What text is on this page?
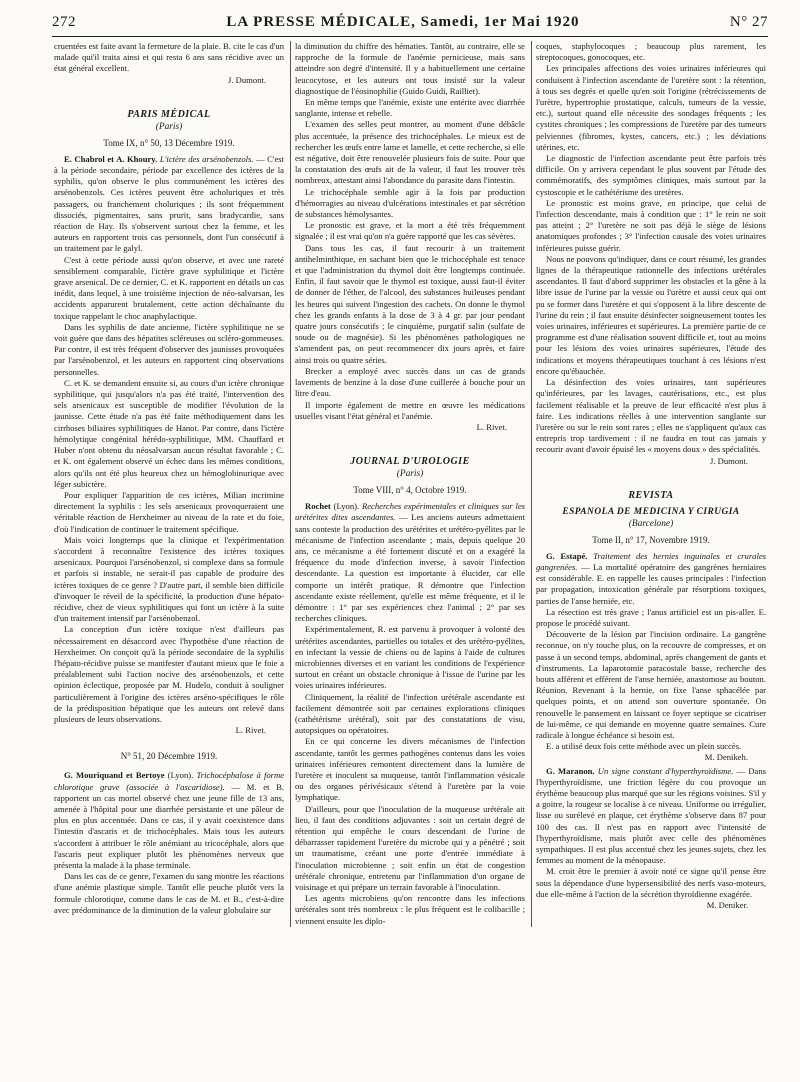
272	LA PRESSE MÉDICALE, Samedi, 1er Mai 1920	N° 27

cruentées est faite avant la fermeture de la plaie. B. cite le cas d'un malade qui'il traita ainsi et qui resta 6 ans sans récidive avec un état général excellent.

J. Dumont.
PARIS MÉDICAL
(Paris)
Tome IX, n° 50, 13 Décembre 1919.

E. Chabrol et A. Khoury. L'ictère des arsénobenzols. — C'est à la période secondaire, période par excellence des ictères de la syphilis, qu'on observe le plus communément les ictères des arsénobenzols. Ces ictères peuvent être acholuriques et très passagers, ou franchement choluriques ; ils sont fréquemment dissociés, pigmentaires, sans prurit, sans bradycardie, sans réaction de Hay. Ils s'observent surtout chez la femme, et les auteurs en rapportent trois cas personnels, dont l'un consécutif à un traitement par le galyl.

C'est à cette période aussi qu'on observe, et avec une rareté sensiblement comparable, l'ictère grave syphilitique et l'ictère grave arsenical. De ce dernier, C. et K. rapportent en détails un cas inédit, dans lequel, à une troisième injection de néo-salvarsan, les accidents apparurent brutalement, cette action déchaînante du toxique rappelant le choc anaphylactique.

Dans les syphilis de date ancienne, l'ictère syphilitique ne se voit guère que dans des hépatites scléreuses ou scléro-gommeuses. Par contre, il est très fréquent d'observer des jaunisses provoquées par l'arsénobenzol, et les auteurs en rapportent cinq observations personnelles.

C. et K. se demandent ensuite si, au cours d'un ictère chronique syphilitique, qui jusqu'alors n'a pas été traité, l'intervention des sels arsenicaux est susceptible de modifier l'évolution de la jaunisse. Cette étude n'a pas été faite méthodiquement dans les cirrhoses biliaires syphilitiques de Hanot. Par contre, dans l'ictère hémolytique congénital hérédo-syphilitique, MM. Chauffard et Huber n'ont obtenu du néosalvarsan aucun résultat favorable ; C. et K. ont également observé un échec dans les mêmes conditions, alors qu'ils ont été plus heureux chez un hémoglobinurique avec léger subictère.

Pour expliquer l'apparition de ces ictères, Milian incrimine directement la syphilis : les sels arsenicaux provoqueraient une véritable réaction de Herxheimer au niveau de la rate et du foie, d'où l'indication de continuer le traitement spécifique.

Mais voici longtemps que la clinique et l'expérimentation s'accordent à reconnaître l'existence des ictères toxiques arsenicaux. Pourquoi l'arsénobenzol, si complexe dans sa formule et parfois si instable, ne serait-il pas capable de produire des ictères toxiques de ce genre ? D'autre part, il semble bien difficile d'invoquer le réveil de la spécificité, la production d'une hépato-récidive, chez de vieux syphilitiques qui font un ictère à la suite d'un traitement intensif par l'arsénobenzol.

La conception d'un ictère toxique n'est d'ailleurs pas nécessairement en désaccord avec l'hypothèse d'une réaction de Herxheimer. On conçoit qu'à la période secondaire de la syphilis l'hépato-récidive puisse se manifester d'autant mieux que le foie a préalablement subi l'action nocive des arsénobenzols, et cette opinion éclectique, proposée par M. Hudelo, conduit à souligner particulièrement à l'origine des ictères arséno-spécifiques le rôle de la prédisposition hépatique que les auteurs ont relevé dans plusieurs de leurs observations.

L. Rivet.
N° 51, 20 Décembre 1919.

G. Mouriquand et Bertoye (Lyon). Trichocéphalose à forme chlorotique grave (associée à l'ascaridiose). — M. et B. rapportent un cas mortel observé chez une jeune fille de 13 ans, amenée à l'hôpital pour une diarrhée persistante et une pâleur de plus en plus accentuée. Dans ce cas, il y avait coexistence dans l'intestin d'ascaris et de trichocéphales. Mais tous les auteurs s'accordent à attribuer le rôle anémiant au tricocéphale, alors que l'ascaris peut expliquer plutôt les phénomènes nerveux que présenta la malade à la phase terminale.

Dans les cas de ce genre, l'examen du sang montre les réactions d'une anémie plastique simple. Tantôt elle peuche plutôt vers la formule chlorotique, comme dans le cas de M. et B., c'est-à-dire avec prédominance de la diminution de la valeur globulaire sur

la diminution du chiffre des hématies. Tantôt, au contraire, elle se rapproche de la formule de l'anémie pernicieuse, mais sans atteindre son degré d'intensité. Il y a habituellement une certaine leucocytose, et les auteurs ont tous insisté sur la valeur diagnostique de l'éosinophilie (Guido Guidi, Railliet).

En même temps que l'anémie, existe une entérite avec diarrhée sanglante, intense et rebelle.

L'examen des selles peut montrer, au moment d'une débâcle plus accentuée, la présence des trichocéphales. Le mieux est de rechercher les œufs entre lame et lamelle, et cette recherche, si elle est négative, doit être renouvelée plusieurs fois de suite. Pour que la constatation des œufs ait de la valeur, il faut les trouver très nombreux, attestant ainsi l'abondance du parasite dans l'intestin.

Le trichocéphale semble agir à la fois par production d'hémorragies au niveau d'ulcérations intestinales et par sécrétion de substances hémolysantes.

Le pronostic est grave, et la mort a été très fréquemment signalée ; il est vrai qu'on n'a guère rapporté que les cas sévères.

Dans tous les cas, il faut recourir à un traitement antihelminthique, en sachant bien que le trichocéphale est tenace et que l'administration du thymol doit être longtemps continuée. Enfin, il faut savoir que le thymol est toxique, aussi faut-il éviter de donner de l'éther, de l'alcool, des substances huileuses pendant les heures qui suivent l'ingestion des cachets. On donne le thymol chez les grands enfants à la dose de 3 à 4 gr. par jour pendant quatre jours consécutifs ; le cinquième, purgatif salin (sulfate de soude ou de magnésie). Si les phénomènes pathologiques ne s'amendent pas, on peut recommencer dix jours après, et faire ainsi trois ou quatre séries.

Brecker a employé avec succès dans un cas de grands lavements de benzine à la dose d'une cuillerée à bouche pour un litre d'eau.

Il importe également de mettre en œuvre les médications usuelles visant l'état général et l'anémie.

L. Rivet.
JOURNAL D'UROLOGIE
(Paris)
Tome VIII, n° 4, Octobre 1919.

Rochet (Lyon). Recherches expérimentales et cliniques sur les urétérites dites ascendantes. — Les anciens auteurs admettaient sans conteste la production des urétérites et urétéro-pyélites par le mécanisme de l'infection ascendante ; mais, depuis quelque 20 ans, ce mécanisme a été fortement discuté et on a exagéré la fréquence du mode d'infection inverse, à savoir l'infection descendante. La question est importante à élucider, car elle comporte un intérêt pratique. R démontre que l'infection ascendante existe réellement, qu'elle est même fréquente, et il le démontre : 1° par ses expériences chez l'animal ; 2° par ses recherches cliniques.

Expérimentalement, R. est parvenu à provoquer à volonté des urétérites ascendantes, partielles ou totales et des urétéro-pyélites, en infectant la vessie de chiens ou de lapins à l'aide de cultures microbiennes diverses et en variant les conditions de l'expérience surtout en créant un obstacle chronique à l'issue de l'urine par les voies urinaires inférieures.

Cliniquement, la réalité de l'infection urétérale ascendante est facilement démontrée soit par certaines explorations cliniques (cathétérisme urétéral), soit par des constatations de visu, autopsiques ou opératoires.

En ce qui concerne les divers mécanismes de l'infection ascendante, tantôt les germes pathogènes contenus dans les voies urinaires inférieures remontent directement dans la lumière de l'uretère et inoculent sa muqueuse, tantôt l'inflammation vésicale ou des organes périvésicaux s'étend à l'uretère par la voie lymphatique.

D'ailleurs, pour que l'inoculation de la muqueuse urétérale ait lieu, il faut des conditions adjuvantes : soit un certain degré de rétention qui empêche le cours descendant de l'urine de débarrasser rapidement l'uretère du microbe qui y a pénétré ; soit un traumatisme, créant une porte d'entrée immédiate à l'inoculation microbienne ; soit enfin un état de congestion urétérale chronique, entretenu par l'inflammation d'un organe de voisinage et qui prépare un terrain favorable à l'inoculation.

Les agents microbiens qu'on rencontre dans les infections urétérales sont très nombreux : le plus fréquent est le colibacille ; viennent ensuite les diplo-

coques, staphylocoques ; beaucoup plus rarement, les streptocoques, gonocoques, etc.

Les principales affections des voies urinaires inférieures qui conduisent à l'infection ascendante de l'uretère sont : la rétention, à tous ses degrés et quelle qu'en soit l'origine (rétrécissements de l'urètre, hypertrophie prostatique, calculs, tumeurs de la vessie, etc.), surtout quand elle nécessite des sondages fréquents ; les cystites chroniques ; les compressions de l'uretère par des tumeurs pelviennes (fibromes, kystes, cancers, etc.) ; les déviations utérines, etc.

Le diagnostic de l'infection ascendante peut être parfois très difficile. On y arrivera cependant le plus souvent par l'étude des commémoratifs, des symptômes cliniques, mais surtout par la cystoscopie et le cathétérisme des uretères.

Le pronostic est moins grave, en principe, que celui de l'infection descendante, mais à condition que : 1° le rein ne soit pas atteint ; 2° l'uretère ne soit pas déjà le siège de lésions anatomiques profondes ; 3° l'infection causale des voies urinaires inférieures puisse guérir.

Nous ne pouvons qu'indiquer, dans ce court résumé, les grandes lignes de la thérapeutique rationnelle des infections urétérales ascendantes. Il faut d'abord supprimer les obstacles et la gêne à la libre issue de l'urine par la vessie ou l'urètre et aussi ceux qui ont pu se former dans l'uretère et qui s'opposent à la libre descente de l'urine du rein ; il faut ensuite désinfecter soigneusement toutes les voies urinaires, inférieures et supérieures. La première partie de ce programme est d'une réalisation souvent difficile et, tout au moins pour les lésions des voies urinaires supérieures, l'étude des indications et moyens thérapeutiques touchant à ces lésions n'est encore qu'ébauchée.

La désinfection des voies urinaires, tant supérieures qu'inférieures, par les lavages, cautérisations, etc., est plus facilement réalisable et la preuve de leur efficacité n'est plus à faire. Les indications réelles à une intervention sanglante sur l'uretère ou sur le rein sont rares ; elles ne s'appliquent qu'aux cas entrepris trop tardivement : il ne faudra en tout cas jamais y recourir avant d'avoir épuisé les « moyens doux » des spécialités.

J. Dumont.
REVISTA
ESPANOLA DE MEDICINA Y CIRUGIA
(Barcelone)
Tome II, n° 17, Novembre 1919.

G. Estapé. Traitement des hernies inguinales et crurales gangrenées. — La mortalité opératoire des gangrènes herniaires est considérable. E. en rappelle les causes principales : l'infection par propagation, intoxication générale par résorptions toxiques, parties de l'anse herniée, etc.

La résection est très grave ; l'anus artificiel est un pis-aller. E. propose le procédé suivant.

Découverte de la lésion par l'incision ordinaire. La gangrène reconnue, on n'y touche plus, on la recouvre de compresses, et on passe à un second temps, abdominal, après changement de gants et d'instruments. La laparotomie paracostale basse, recherche des bouts afférent et efférent de l'anse herniée, anastomose au bouton. Réunion. Revenant à la hernie, on fixe l'anse sphacélée par quelques points, et on attend son ouverture spontanée. On renouvelle le pansement en laissant ce foyer septique se cicatriser de lui-même, ce qui demande en moyenne quatre semaines. Cure radicale à longue échéance si besoin est.

E. a utilisé deux fois cette méthode avec un plein succès.

M. Denikeh.

G. Maranon. Un signe constant d'hyperthyroïdisme. — Dans l'hyperthyroïdisme, une friction légère du cou provoque un érythème beaucoup plus marqué que sur les régions voisines. S'il y a goitre, la rougeur se localise à ce niveau. Uniforme ou irrégulier, lisse ou surélevé en plaque, cet érythème s'observe dans 87 pour 100 des cas. Il n'est pas en rapport avec l'intensité de l'hyperthyroïdisme, mais plutôt avec celle des phénomènes sympathiques. Il est plus accentué chez les jeunes sujets, chez les femmes au moment de la ménopause.

M. croit être le premier à avoir noté ce signe qu'il pense être sous la dépendance d'une hypersensibilité des nerfs vaso-moteurs, due elle-même à l'action de la sécrétion thyroïdienne exagérée.

M. Deniker.
